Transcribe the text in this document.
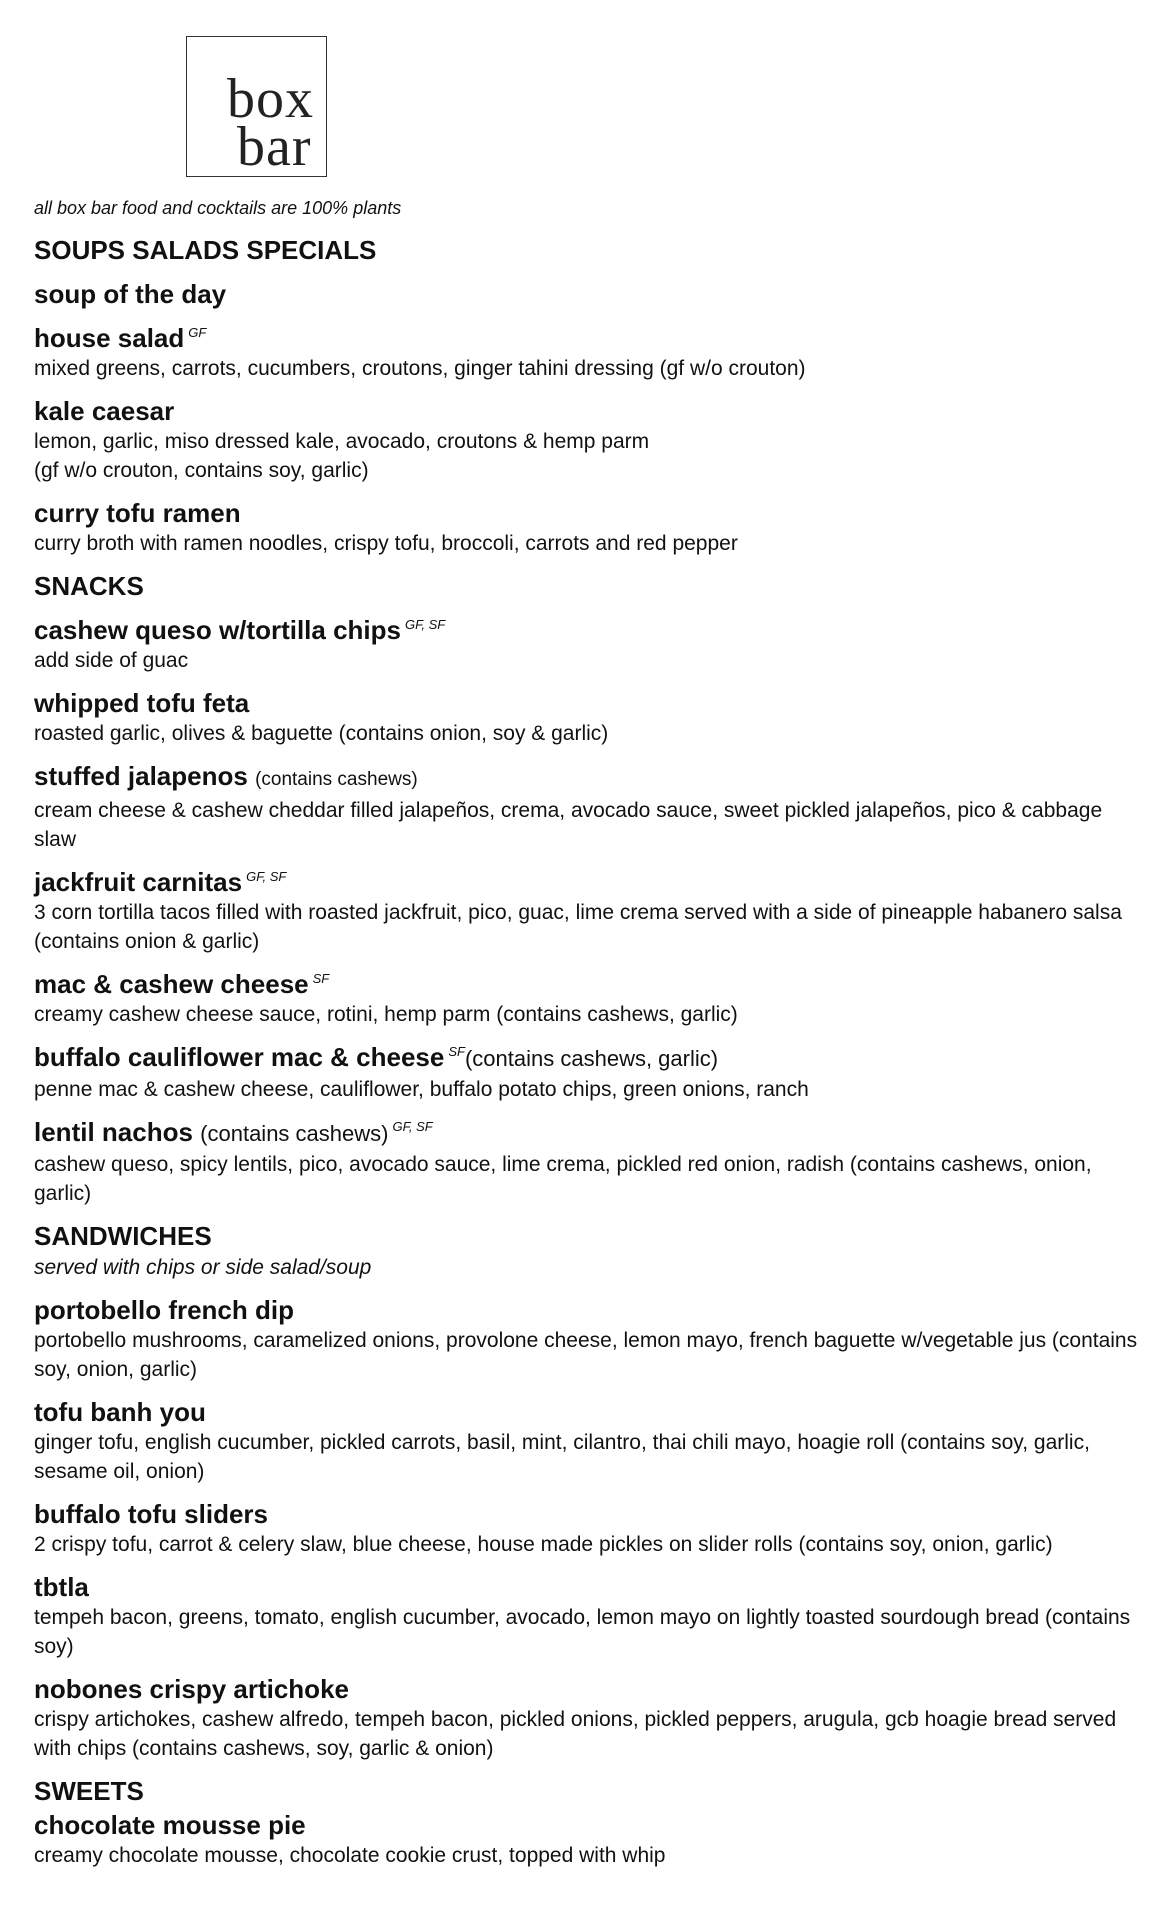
box
bar
all box bar food and cocktails are 100% plants
SOUPS SALADS SPECIALS
soup of the day
house salad $^{GF}$
mixed greens, carrots, cucumbers, croutons, ginger tahini dressing (gf w/o crouton)
kale caesar
lemon, garlic, miso dressed kale, avocado, croutons & hemp parm
(gf w/o crouton, contains soy, garlic)
curry tofu ramen
curry broth with ramen noodles, crispy tofu, broccoli, carrots and red pepper
SNACKS
cashew queso w/tortilla chips $^{GF, SF}$
add side of guac
whipped tofu feta
roasted garlic, olives & baguette (contains onion, soy & garlic)
stuffed jalapenos (contains cashews)
cream cheese & cashew cheddar filled jalapeños, crema, avocado sauce, sweet pickled jalapeños, pico & cabbage slaw
jackfruit carnitas $^{GF, SF}$
3 corn tortilla tacos filled with roasted jackfruit, pico, guac, lime crema served with a side of pineapple habanero salsa (contains onion & garlic)
mac & cashew cheese $^{SF}$
creamy cashew cheese sauce, rotini, hemp parm (contains cashews, garlic)
buffalo cauliflower mac & cheese $^{SF}$(contains cashews, garlic)
penne mac & cashew cheese, cauliflower, buffalo potato chips, green onions, ranch
lentil nachos (contains cashews) $^{GF, SF}$
cashew queso, spicy lentils, pico, avocado sauce, lime crema, pickled red onion, radish (contains cashews, onion, garlic)
SANDWICHES
served with chips or side salad/soup
portobello french dip
portobello mushrooms, caramelized onions, provolone cheese, lemon mayo, french baguette w/vegetable jus (contains soy, onion, garlic)
tofu banh you
ginger tofu, english cucumber, pickled carrots, basil, mint, cilantro, thai chili mayo, hoagie roll (contains soy, garlic, sesame oil, onion)
buffalo tofu sliders
2 crispy tofu, carrot & celery slaw, blue cheese, house made pickles on slider rolls (contains soy, onion, garlic)
tbtla
tempeh bacon, greens, tomato, english cucumber, avocado, lemon mayo on lightly toasted sourdough bread (contains soy)
nobones crispy artichoke
crispy artichokes, cashew alfredo, tempeh bacon, pickled onions, pickled peppers, arugula, gcb hoagie bread served with chips (contains cashews, soy, garlic & onion)
SWEETS
chocolate mousse pie
creamy chocolate mousse, chocolate cookie crust, topped with whip
